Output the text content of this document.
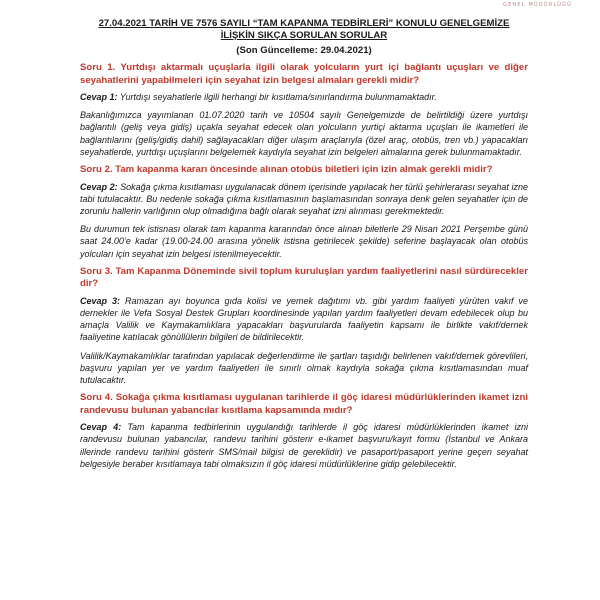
GENEL MÜDÜRLÜĞÜ

27.04.2021 TARİH VE 7576 SAYILI “TAM KAPANMA TEDBİRLERİ” KONULU GENELGEMİZE

İLİŞKİN SIKÇA SORULAN SORULAR

(Son Güncelleme: 29.04.2021)

Soru 1. Yurtdışı aktarmalı uçuşlarla ilgili olarak yolcuların yurt içi bağlantı uçuşları ve diğer seyahatlerini yapabilmeleri için seyahat izin belgesi almaları gerekli midir?

Cevap 1: Yurtdışı seyahatlerle ilgili herhangi bir kısıtlama/sınırlandırma bulunmamaktadır.

Bakanlığımızca yayımlanan 01.07.2020 tarih ve 10504 sayılı Genelgemizde de belirtildiği üzere yurtdışı bağlantılı (geliş veya gidiş) uçakla seyahat edecek olan yolcuların yurtiçi aktarma uçuşları ile ikametleri ile bağlantılarını (geliş/gidiş dahil) sağlayacakları diğer ulaşım araçlarıyla (özel araç, otobüs, tren vb.) yapacakları seyahatlerde, yurtdışı uçuşlarını belgelemek kaydıyla seyahat izin belgeleri almalarına gerek bulunmamaktadır.

Soru 2. Tam kapanma kararı öncesinde alınan otobüs biletleri için izin almak gerekli midir?

Cevap 2: Sokağa çıkma kısıtlaması uygulanacak dönem içerisinde yapılacak her türlü şehirlerarası seyahat izne tabi tutulacaktır. Bu nedenle sokağa çıkma kısıtlamasının başlamasından sonraya denk gelen seyahatler için de zorunlu hallerin varlığının olup olmadığına bağlı olarak seyahat izni alınması gerekmektedir.

Bu durumun tek istisnası olarak tam kapanma kararından önce alınan biletlerle 29 Nisan 2021 Perşembe günü saat 24.00’e kadar (19.00-24.00 arasına yönelik istisna getirilecek şekilde) seferine başlayacak olan otobüs yolcuları için seyahat izin belgesi istenilmeyecektir.

Soru 3. Tam Kapanma Döneminde sivil toplum kuruluşları yardım faaliyetlerini nasıl sürdürecekler dir?

Cevap 3: Ramazan ayı boyunca gıda kolisi ve yemek dağıtımı vb. gibi yardım faaliyeti yürüten vakıf ve dernekler ile Vefa Sosyal Destek Grupları koordinesinde yapılan yardım faaliyetleri devam edebilecek olup bu amaçla Valilik ve Kaymakamlıklara yapacakları başvurularda faaliyetin kapsamı ile birlikte vakıf/dernek faaliyetine katılacak gönüllülerin bilgileri de bildirilecektir.

Valilik/Kaymakamlıklar tarafından yapılacak değerlendirme ile şartları taşıdığı belirlenen vakıf/dernek görevlileri, başvuru yapılan yer ve yardım faaliyetleri ile sınırlı olmak kaydıyla sokağa çıkma kısıtlamasından muaf tutulacaktır.

Soru 4. Sokağa çıkma kısıtlaması uygulanan tarihlerde il göç idaresi müdürlüklerinden ikamet izni randevusu bulunan yabancılar kısıtlama kapsamında mıdır?

Cevap 4: Tam kapanma tedbirlerinin uygulandığı tarihlerde il göç idaresi müdürlüklerinden ikamet izni randevusu bulunan yabancılar, randevu tarihini gösterir e-ikamet başvuru/kayıt formu (İstanbul ve Ankara illerinde randevu tarihini gösterir SMS/mail bilgisi de gereklidir) ve pasaport/pasaport yerine geçen seyahat belgesiyle beraber kısıtlamaya tabi olmaksızın il göç idaresi müdürlüklerine gidip gelebilecektir.
